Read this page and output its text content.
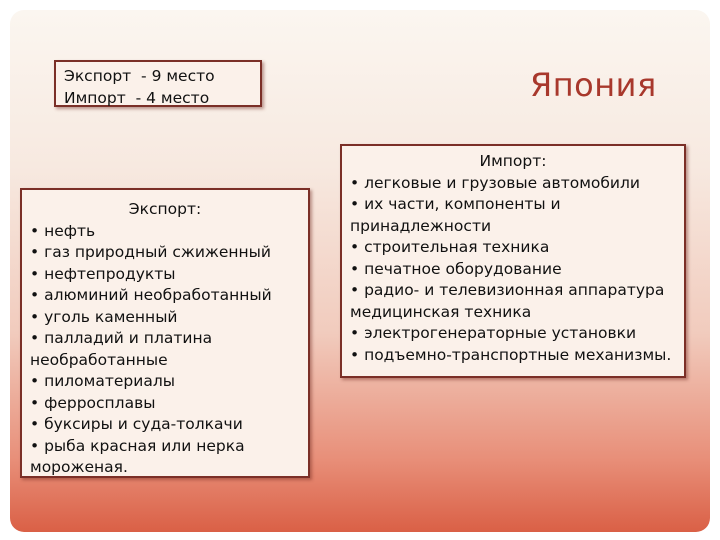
Экспорт  - 9 место
Импорт  - 4 место	Япония
Экспорт:
• нефть
• газ природный сжиженный
• нефтепродукты
• алюминий необработанный
• уголь каменный
• палладий и платина необработанные
• пиломатериалы
• ферросплавы
• буксиры и суда-толкачи
• рыба красная или нерка мороженая.
Импорт:
• легковые и грузовые автомобили
• их части, компоненты и принадлежности
• строительная техника
• печатное оборудование
• радио- и телевизионная аппаратура медицинская техника
• электрогенераторные установки
• подъемно-транспортные механизмы.
